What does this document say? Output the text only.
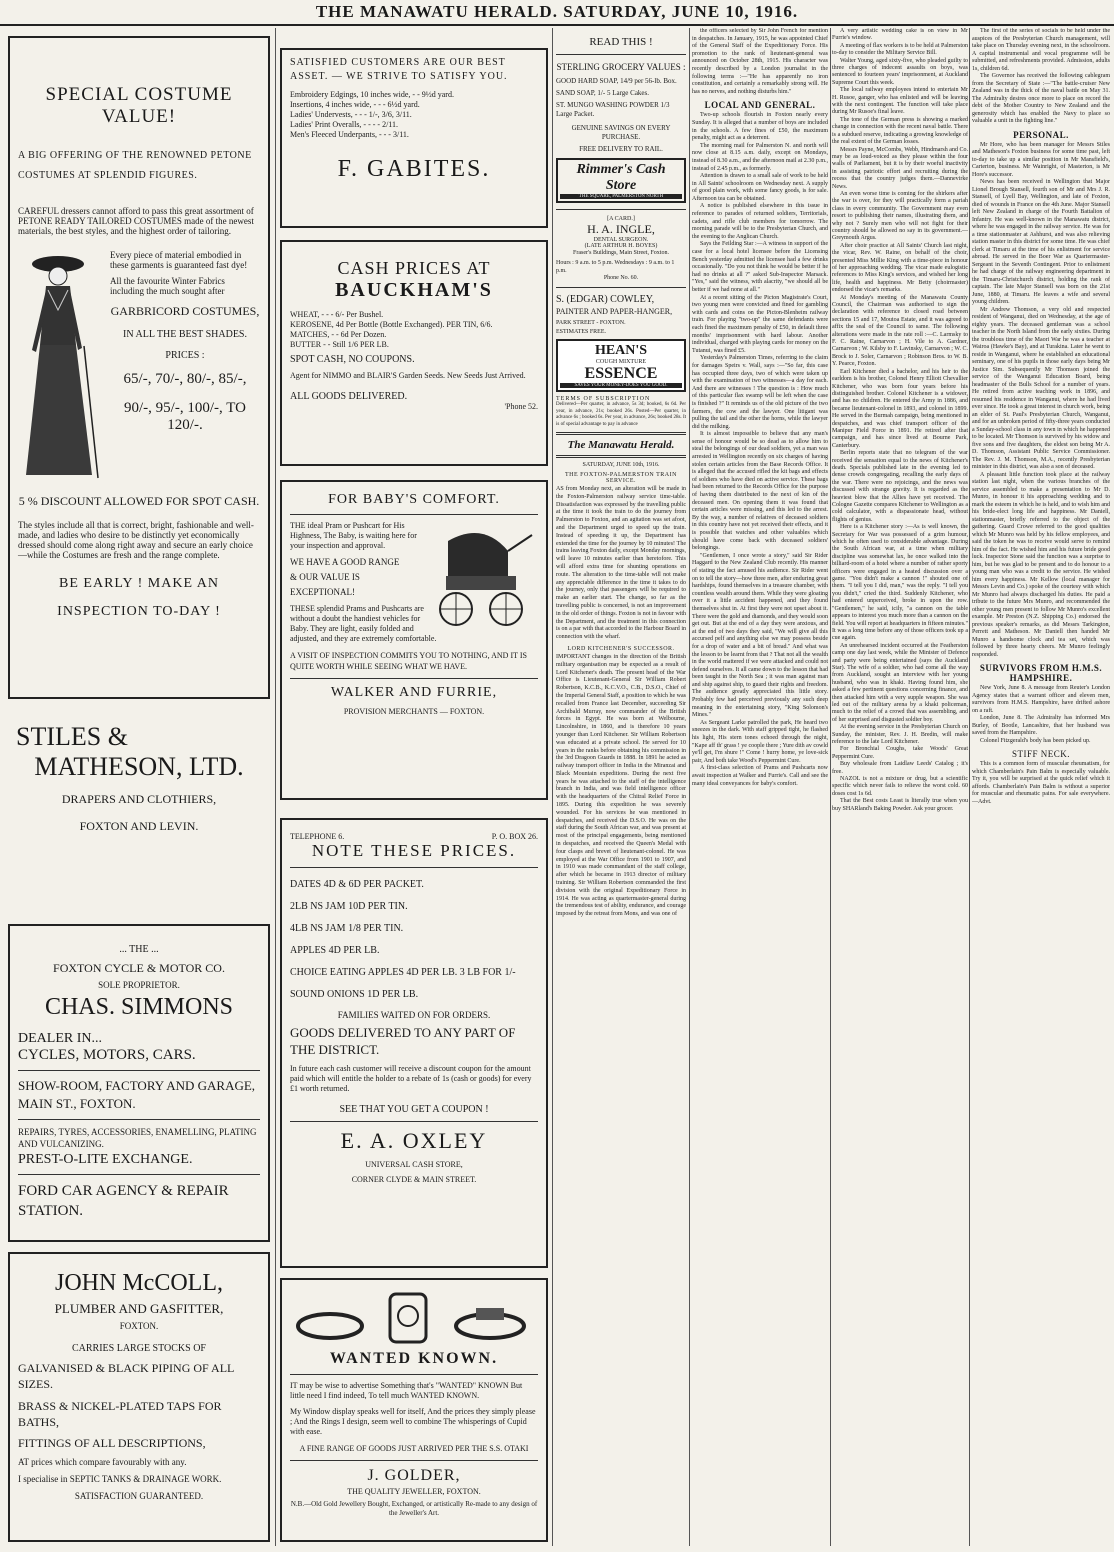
THE MANAWATU HERALD. SATURDAY, JUNE 10, 1916.
SPECIAL COSTUME VALUE!
A BIG OFFERING OF THE RENOWNED PETONE COSTUMES AT SPLENDID FIGURES.
CAREFUL dressers cannot afford to pass this great assortment of PETONE READY TAILORED COSTUMES made of the newest materials, the best styles, and the highest order of tailoring.
Every piece of material embodied in these garments is guaranteed fast dye!
All the favourite Winter Fabrics including the much sought after
GARBRICORD COSTUMES,
IN ALL THE BEST SHADES.
PRICES :
65/-, 70/-, 80/-, 85/-,
90/-, 95/-, 100/-, TO 120/-.
5 % DISCOUNT ALLOWED FOR SPOT CASH.
The styles include all that is correct, bright, fashionable and well-made, and ladies who desire to be distinctly yet economically dressed should come along right away and secure an early choice—while the Costumes are fresh and the range complete.
BE EARLY ! MAKE AN INSPECTION TO-DAY !
STILES &
MATHESON, LTD.
DRAPERS AND CLOTHIERS,
FOXTON AND LEVIN.
... THE ...
FOXTON CYCLE & MOTOR CO.
SOLE PROPRIETOR.
CHAS. SIMMONS
DEALER IN...
CYCLES, MOTORS, CARS.
SHOW-ROOM, FACTORY AND GARAGE, MAIN ST., FOXTON.
REPAIRS, TYRES, ACCESSORIES, ENAMELLING, PLATING AND VULCANIZING.
PREST-O-LITE EXCHANGE.
FORD CAR AGENCY & REPAIR STATION.
JOHN McCOLL,
PLUMBER AND GASFITTER,
FOXTON.
CARRIES LARGE STOCKS OF
GALVANISED & BLACK PIPING OF ALL SIZES.
BRASS & NICKEL-PLATED TAPS FOR BATHS,
FITTINGS OF ALL DESCRIPTIONS,
AT prices which compare favourably with any.
I specialise in SEPTIC TANKS & DRAINAGE WORK.
SATISFACTION GUARANTEED.
SATISFIED CUSTOMERS ARE OUR BEST ASSET. — WE STRIVE TO SATISFY YOU.
Embroidery Edgings, 10 inches wide, - - 9½d yard.
Insertions, 4 inches wide, - - - 6½d yard.
Ladies' Undervests, - - - 1/-, 3/6, 3/11.
Ladies' Print Overalls, - - - - 2/11.
Men's Fleeced Underpants, - - - 3/11.
F. GABITES.
CASH PRICES AT
BAUCKHAM'S
WHEAT, - - - 6/- Per Bushel.
KEROSENE, 4d Per Bottle (Bottle Exchanged). PER TIN, 6/6.
MATCHES, - - 6d Per Dozen.
BUTTER - - Still 1/6 PER LB.
SPOT CASH, NO COUPONS.
Agent for NIMMO and BLAIR'S Garden Seeds. New Seeds Just Arrived.
ALL GOODS DELIVERED.
'Phone 52.
FOR BABY'S COMFORT.
THE ideal Pram or Pushcart for His Highness, The Baby, is waiting here for your inspection and approval.
WE HAVE A GOOD RANGE & OUR VALUE IS EXCEPTIONAL!
THESE splendid Prams and Pushcarts are without a doubt the handiest vehicles for Baby. They are light, easily folded and adjusted, and they are extremely comfortable.
A VISIT OF INSPECTION COMMITS YOU TO NOTHING, AND IT IS QUITE WORTH WHILE SEEING WHAT WE HAVE.
WALKER AND FURRIE,
PROVISION MERCHANTS — FOXTON.
TELEPHONE 6.	P. O. BOX 26.
NOTE THESE PRICES.
DATES 4D & 6D PER PACKET.
2LB NS JAM 10D PER TIN.
4LB NS JAM 1/8 PER TIN.
APPLES 4D PER LB.
CHOICE EATING APPLES 4D PER LB. 3 LB FOR 1/-
SOUND ONIONS 1D PER LB.
FAMILIES WAITED ON FOR ORDERS.
GOODS DELIVERED TO ANY PART OF THE DISTRICT.
In future each cash customer will receive a discount coupon for the amount paid which will entitle the holder to a rebate of 1s (cash or goods) for every £1 worth returned.
SEE THAT YOU GET A COUPON !
E. A. OXLEY
UNIVERSAL CASH STORE,
CORNER CLYDE & MAIN STREET.
WANTED KNOWN.
IT may be wise to advertise Something that's "WANTED" KNOWN But little need I find indeed, To tell much WANTED KNOWN.
My Window display speaks well for itself, And the prices they simply please ; And the Rings I design, seem well to combine The whisperings of Cupid with ease.
A FINE RANGE OF GOODS JUST ARRIVED PER THE S.S. OTAKI
J. GOLDER,
THE QUALITY JEWELLER, FOXTON.
N.B.—Old Gold Jewellery Bought, Exchanged, or artistically Re-made to any design of the Jeweller's Art.
READ THIS !
STERLING GROCERY VALUES :
GOOD HARD SOAP, 14/9 per 56-lb. Box.
SAND SOAP, 1/- 5 Large Cakes.
ST. MUNGO WASHING POWDER 1/3 Large Packet.
GENUINE SAVINGS ON EVERY PURCHASE.
FREE DELIVERY TO RAIL.
Rimmer's Cash Store
THE SQUARE, PALMERSTON NORTH
[A CARD.]
H. A. INGLE,
DENTAL SURGEON.
(LATE ARTHUR H. BOYES)
Fraser's Buildings, Main Street, Foxton.
Hours : 9 a.m. to 5 p.m. Wednesdays : 9 a.m. to 1 p.m.
Phone No. 60.
S. (EDGAR) COWLEY,
PAINTER AND PAPER-HANGER,
PARK STREET - FOXTON.
ESTIMATES FREE.
HEAN'S
COUGH MIXTURE
ESSENCE
SAVES YOUR MONEY-DOES YOU GOOD.
TERMS OF SUBSCRIPTION
Delivered—Per quarter, in advance, 5s 3d; booked, 6s 6d. Per year, in advance, 21s; booked 26s. Posted—Per quarter, in advance 6s ; booked 6s. Per year, in advance, 26s; booked 28s. It is of special advantage to pay in advance
The Manawatu Herald.
SATURDAY, JUNE 10th, 1916.
THE FOXTON-PALMERSTON TRAIN SERVICE.
AS from Monday next, an alteration will be made in the Foxton-Palmerston railway service time-table. Dissatisfaction was expressed by the travelling public at the time it took the train to do the journey from Palmerston to Foxton, and an agitation was set afoot, and the Department urged to speed up the train. Instead of speeding it up, the Department has extended the time for the journey by 10 minutes! The trains leaving Foxton daily, except Monday mornings, will leave 10 minutes earlier than heretofore. This will afford extra time for shunting operations en route. The alteration to the time-table will not make any appreciable difference in the time it takes to do the journey, only that passengers will be required to make an earlier start. The change, so far as the travelling public is concerned, is not an improvement in the old order of things. Foxton is not in favour with the Department, and the treatment in this connection is on a par with that accorded to the Harbour Board in connection with the wharf.
LORD KITCHENER'S SUCCESSOR.
IMPORTANT changes in the direction of the British military organisation may be expected as a result of Lord Kitchener's death. The present head of the War Office is Lieutenant-General Sir William Robert Robertson, K.C.B., K.C.V.O., C.B., D.S.O., Chief of the Imperial General Staff, a position to which he was recalled from France last December, succeeding Sir Archibald Murray, now commander of the British forces in Egypt. He was born at Welbourne, Lincolnshire, in 1860, and is therefore 10 years younger than Lord Kitchener. Sir William Robertson was educated at a private school. He served for 10 years in the ranks before obtaining his commission in the 3rd Dragoon Guards in 1888. In 1891 he acted as railway transport officer in India in the Miranzai and Black Mountain expeditions. During the next five years he was attached to the staff of the intelligence branch in India, and was field intelligence officer with the headquarters of the Chitral Relief Force in 1895. During this expedition he was severely wounded. For his services he was mentioned in despatches, and received the D.S.O. He was on the staff during the South African war, and was present at most of the principal engagements, being mentioned in despatches, and received the Queen's Medal with four clasps and brevet of lieutenant-colonel. He was employed at the War Office from 1901 to 1907, and in 1910 was made commandant of the staff college, after which he became in 1913 director of military training. Sir William Robertson commanded the first division with the original Expeditionary Force in 1914. He was acting as quartermaster-general during the tremendous test of ability, endurance, and courage imposed by the retreat from Mons, and was one of
the officers selected by Sir John French for mention in despatches. In January, 1915, he was appointed Chief of the General Staff of the Expeditionary Force. His promotion to the rank of lieutenant-general was announced on October 28th, 1915. His character was recently described by a London journalist in the following terms :—"He has apparently no iron constitution, and certainly a remarkably strong will. He has no nerves, and nothing disturbs him."
LOCAL AND GENERAL.
Two-up schools flourish in Foxton nearly every Sunday. It is alleged that a number of boys are included in the schools. A few fines of £50, the maximum penalty, might act as a deterrent.
The morning mail for Palmerston N. and north will now close at 8.15 a.m. daily, except on Mondays, instead of 8.30 a.m., and the afternoon mail at 2.30 p.m., instead of 2.45 p.m., as formerly.
Attention is drawn to a small sale of work to be held in All Saints' schoolroom on Wednesday next. A supply of good plain work, with some fancy goods, is for sale. Afternoon tea can be obtained.
A notice is published elsewhere in this issue in reference to parades of returned soldiers, Territorials, cadets, and rifle club members for tomorrow. The morning parade will be to the Presbyterian Church, and the evening to the Anglican Church.
Says the Feilding Star :—A witness in support of the case for a local hotel licensee before the Licensing Bench yesterday admitted the licensee had a few drinks occasionally. "Do you not think he would be better if he had no drinks at all ?" asked Sub-Inspector Marsack. "Yes," said the witness, with alacrity, "we should all be better if we had none at all."
At a recent sitting of the Picton Magistrate's Court, two young men were convicted and fined for gambling with cards and coins on the Picton-Blenheim railway train. For playing "two-up" the same defendants were each fined the maximum penalty of £50, in default three months' imprisonment with hard labour. Another individual, charged with playing cards for money on the Tutanui, was fined £5.
Yesterday's Palmerston Times, referring to the claim for damages Speirs v. Wall, says :—"So far, this case has occupied three days, two of which were taken up with the examination of two witnesses—a day for each. And there are witnesses ! The question is : How much of this particular flax swamp will be left when the case is finished ?" It reminds us of the old picture of the two farmers, the cow and the lawyer. One litigant was pulling the tail and the other the horns, while the lawyer did the milking.
It is almost impossible to believe that any man's sense of honour would be so dead as to allow him to steal the belongings of our dead soldiers, yet a man was arrested in Wellington recently on six charges of having stolen certain articles from the Base Records Office. It is alleged that the accused rifled the kit bags and effects of soldiers who have died on active service. These bags had been returned to the Records Office for the purpose of having them distributed to the next of kin of the deceased men. On opening them it was found that certain articles were missing, and this led to the arrest. By the way, a number of relatives of deceased soldiers in this country have not yet received their effects, and it is possible that watches and other valuables which should have come back with deceased soldiers' belongings.
"Gentlemen, I once wrote a story," said Sir Rider Haggard to the New Zealand Club recently. His manner of stating the fact amused his audience. Sir Rider went on to tell the story—how three men, after enduring great hardships, found themselves in a treasure chamber, with countless wealth around them. While they were gloating over it a little accident happened, and they found themselves shut in. At first they were not upset about it. There were the gold and diamonds, and they would soon get out. But at the end of a day they were anxious, and at the end of two days they said, "We will give all this accursed pelf and anything else we may possess beside for a drop of water and a bit of bread." And what was the lesson to be learnt from that ? That not all the wealth in the world mattered if we were attacked and could not defend ourselves. It all came down to the lesson that had been taught in the North Sea ; it was man against man and ship against ship, to guard their rights and freedom. The audience greatly appreciated this little story. Probably few had perceived previously any such deep meaning in the entertaining story, "King Solomon's Mines."
As Sergeant Larke patrolled the park, He heard two sneezes in the dark. With staff gripped tight, he flashed his light, His stern tones echoed through the night, "Kape aff th' grass ! ye coople there ; Yure dith av cowld ye'll get, I'm shure !" Come ! hurry home, ye love-sick pair, And both take Wood's Peppermint Cure.
A first-class selection of Prams and Pushcarts now await inspection at Walker and Furrie's. Call and see the many ideal conveyances for baby's comfort.
A very artistic wedding cake is on view in Mr Furrie's window.
A meeting of flax workers is to be held at Palmerston to-day to consider the Military Service Bill.
Walter Young, aged sixty-five, who pleaded guilty to three charges of indecent assaults on boys, was sentenced to fourteen years' imprisonment, at Auckland Supreme Court this week.
The local railway employees intend to entertain Mr H. Rusoe, ganger, who has enlisted and will be leaving with the next contingent. The function will take place during Mr Rusoe's final leave.
The tone of the German press is showing a marked change in connection with the recent naval battle. There is a subdued reserve, indicating a growing knowledge of the real extent of the German losses.
Messrs Payne, McCombs, Webb, Hindmarsh and Co. may be as loud-voiced as they please within the four walls of Parliament, but it is by their woeful inactivity in assisting patriotic effort and recruiting during the recess that the country judges them.—Dannevirke News.
An even worse time is coming for the shirkers after the war is over, for they will practically form a pariah class in every community. The Government may even resort to publishing their names, illustrating them, and why not ? Surely men who will not fight for their country should be allowed no say in its government.—Greymouth Argus.
After choir practice at All Saints' Church last night, the vicar, Rev. W. Raine, on behalf of the choir, presented Miss Millie King with a time-piece in honour of her approaching wedding. The vicar made eulogistic references to Miss King's services, and wished her long life, health and happiness. Mr Betty (choirmaster) endorsed the vicar's remarks.
At Monday's meeting of the Manawatu County Council, the Chairman was authorised to sign the declaration with reference to closed road between sections 15 and 17, Moutoa Estate, and it was agreed to affix the seal of the Council to same. The following alterations were made in the rate roll :—C. Larmsky to F. C. Raine, Carnarvon ; H. Vile to A. Gardner, Carnarvon ; W. Kilsby to F. Lavinsky, Carnarvon ; W. C. Brock to J. Soler, Carnarvon ; Robinson Bros. to W. B. Y. Pearce, Foxton.
Earl Kitchener died a bachelor, and his heir to the earldom is his brother, Colonel Henry Elliott Chevallier Kitchener, who was born four years before his distinguished brother. Colonel Kitchener is a widower, and has no children. He entered the Army in 1886, and became lieutenant-colonel in 1893, and colonel in 1899. He served in the Burmah campaign, being mentioned in despatches, and was chief transport officer of the Manipur Field Force in 1891. He retired after that campaign, and has since lived at Bourne Park, Canterbury.
Berlin reports state that no telegram of the war received the sensation equal to the news of Kitchener's death. Specials published late in the evening led to dense crowds congregating, recalling the early days of the war. There were no rejoicings, and the news was discussed with strange gravity. It is regarded as the heaviest blow that the Allies have yet received. The Cologne Gazette compares Kitchener to Wellington as a cold calculator, with a dispassionate head, without flights of genius.
Here is a Kitchener story :—As is well known, the Secretary for War was possessed of a grim humour, which he often used to considerable advantage. During the South African war, at a time when military discipline was somewhat lax, he once walked into the billiard-room of a hotel where a number of rather sporty officers were engaged in a heated discussion over a game. "You didn't make a cannon !" shouted one of them. "I tell you I did, man," was the reply. "I tell you you didn't," cried the third. Suddenly Kitchener, who had entered unperceived, broke in upon the row. "Gentlemen," he said, icily, "a cannon on the table appears to interest you much more than a cannon on the field. You will report at headquarters in fifteen minutes." It was a long time before any of those officers took up a cue again.
An unrehearsed incident occurred at the Featherston camp one day last week, while the Minister of Defence and party were being entertained (says the Auckland Star). The wife of a soldier, who had come all the way from Auckland, sought an interview with her young husband, who was in khaki. Having found him, she asked a few pertinent questions concerning finance, and then attacked him with a very supple weapon. She was led out of the military arena by a khaki policeman, much to the relief of a crowd that was assembling, and of her surprised and disgusted soldier boy.
At the evening service in the Presbyterian Church on Sunday, the minister, Rev. J. H. Bredin, will make reference to the late Lord Kitchener.
For Bronchial Coughs, take Woods' Great Peppermint Cure.
Buy wholesale from Laidlaw Leeds' Catalog ; it's free.
NAZOL is not a mixture or drug, but a scientific specific which never fails to relieve the worst cold. 60 doses cost 1s 6d.
That the Best costs Least is literally true when you buy SHARland's Baking Powder. Ask your grocer.
The first of the series of socials to be held under the auspices of the Presbyterian Church management, will take place on Thursday evening next, in the schoolroom. A capital instrumental and vocal programme will be submitted, and refreshments provided. Admission, adults 1s, children 6d.
The Governor has received the following cablegram from the Secretary of State :—"The battle-cruiser New Zealand was in the thick of the naval battle on May 31. The Admiralty desires once more to place on record the debt of the Mother Country to New Zealand and the generosity which has enabled the Navy to place so valuable a unit in the fighting line."
PERSONAL.
Mr Hore, who has been manager for Messrs Stiles and Matheson's Foxton business for some time past, left to-day to take up a similar position in Mr Mansfield's, Carterton, business. Mr Wainright, of Masterton, is Mr Hore's successor.
News has been received in Wellington that Major Lionel Brough Stansell, fourth son of Mr and Mrs J. R. Stansell, of Lyell Bay, Wellington, and late of Foxton, died of wounds in France on the 4th June. Major Stansell left New Zealand in charge of the Fourth Battalion of Infantry. He was well-known in the Manawatu district, where he was engaged in the railway service. He was for a time stationmaster at Ashhurst, and was also relieving station master in this district for some time. He was chief clerk at Timaru at the time of his enlistment for service abroad. He served in the Boer War as Quartermaster-Sergeant in the Seventh Contingent. Prior to enlistment he had charge of the railway engineering department in the Timaru-Christchurch district, holding the rank of captain. The late Major Stansell was born on the 21st June, 1880, at Timaru. He leaves a wife and several young children.
Mr Andrew Thomson, a very old and respected resident of Wanganui, died on Wednesday, at the age of eighty years. The deceased gentleman was a school teacher in the North Island from the early sixties. During the troublous time of the Maori War he was a teacher at Wairoa (Hawke's Bay), and at Turakina. Later he went to reside in Wanganui, where he established an educational seminary, one of his pupils in those early days being Mr Justice Sim. Subsequently Mr Thomson joined the service of the Wanganui Education Board, being headmaster of the Bulls School for a number of years. He retired from active teaching work in 1896, and resumed his residence in Wanganui, where he had lived ever since. He took a great interest in church work, being an elder of St. Paul's Presbyterian Church, Wanganui, and for an unbroken period of fifty-three years conducted a Sunday-school class in any town in which he happened to be located. Mr Thomson is survived by his widow and five sons and five daughters, the eldest son being Mr A. D. Thomson, Assistant Public Service Commissioner. The Rev. J. M. Thomson, M.A., recently Presbyterian minister in this district, was also a son of deceased.
A pleasant little function took place at the railway station last night, when the various branches of the service assembled to make a presentation to Mr D. Munro, in honour it his approaching wedding and to mark the esteem in which he is held, and to wish him and his bride-elect long life and happiness. Mr Daniell, stationmaster, briefly referred to the object of the gathering. Guard Crowe referred to the good qualities which Mr Munro was held by his fellow employees, and said the token he was to receive would serve to remind him of the fact. He wished him and his future bride good luck. Inspector Stone said the function was a surprise to him, but he was glad to be present and to do honour to a young man who was a credit to the service. He wished him every happiness. Mr Kellow (local manager for Messrs Levin and Co.) spoke of the courtesy with which Mr Munro had always discharged his duties. He paid a tribute to the future Mrs Munro, and recommended the other young men present to follow Mr Munro's excellent example. Mr Preston (N.Z. Shipping Co.) endorsed the previous speaker's remarks, as did Messrs Tarkington, Perrett and Matheson. Mr Daniell then handed Mr Munro a handsome clock and tea set, which was followed by three hearty cheers. Mr Munro feelingly responded.
SURVIVORS FROM H.M.S. HAMPSHIRE.
New York, June 8. A message from Reuter's London Agency states that a warrant officer and eleven men, survivors from H.M.S. Hampshire, have drifted ashore on a raft.
London, June 8. The Admiralty has informed Mrs Burley, of Bootle, Lancashire, that her husband was saved from the Hampshire.
Colonel Fitzgerald's body has been picked up.
STIFF NECK.
This is a common form of muscular rheumatism, for which Chamberlain's Pain Balm is especially valuable. Try it, you will be surprised at the quick relief which it affords. Chamberlain's Pain Balm is without a superior for muscular and rheumatic pains. For sale everywhere.—Advt.
